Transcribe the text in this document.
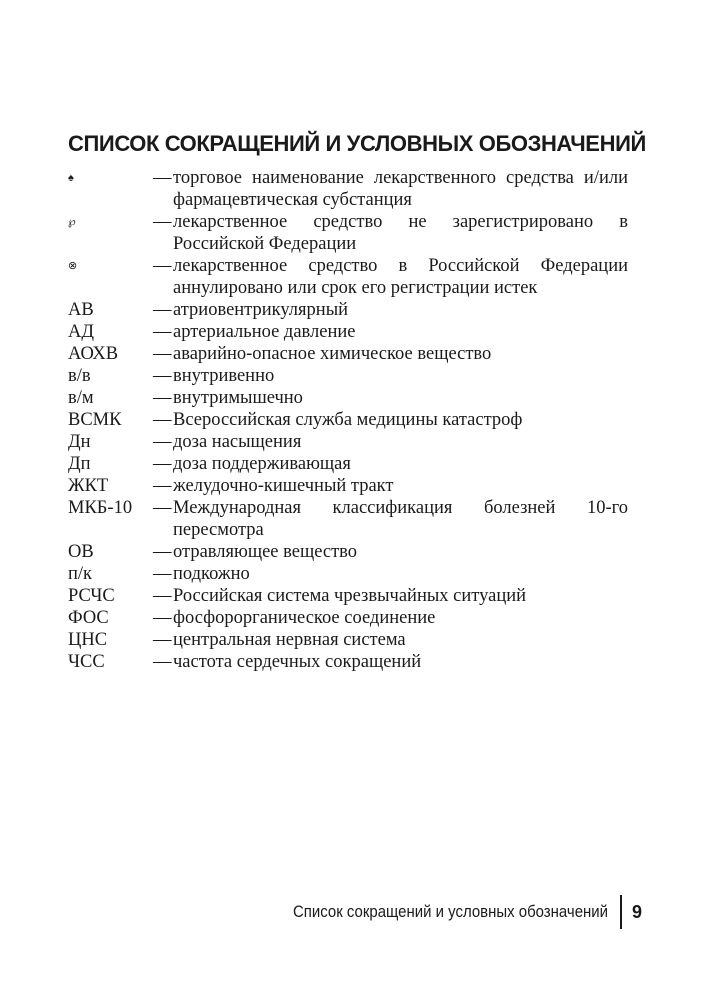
СПИСОК СОКРАЩЕНИЙ И УСЛОВНЫХ ОБОЗНАЧЕНИЙ
♠	— торговое наименование лекарственного средства и/или фармацевтическая субстанция
℘	— лекарственное средство не зарегистрировано в Российской Федерации
⊗	— лекарственное средство в Российской Федерации аннулировано или срок его регистрации истек
АВ	— атриовентрикулярный
АД	— артериальное давление
АОХВ	— аварийно-опасное химическое вещество
в/в	— внутривенно
в/м	— внутримышечно
ВСМК	— Всероссийская служба медицины катастроф
Дн	— доза насыщения
Дп	— доза поддерживающая
ЖКТ	— желудочно-кишечный тракт
МКБ-10	— Международная классификация болезней 10-го пересмотра
ОВ	— отравляющее вещество
п/к	— подкожно
РСЧС	— Российская система чрезвычайных ситуаций
ФОС	— фосфорорганическое соединение
ЦНС	— центральная нервная система
ЧСС	— частота сердечных сокращений
Список сокращений и условных обозначений 9
